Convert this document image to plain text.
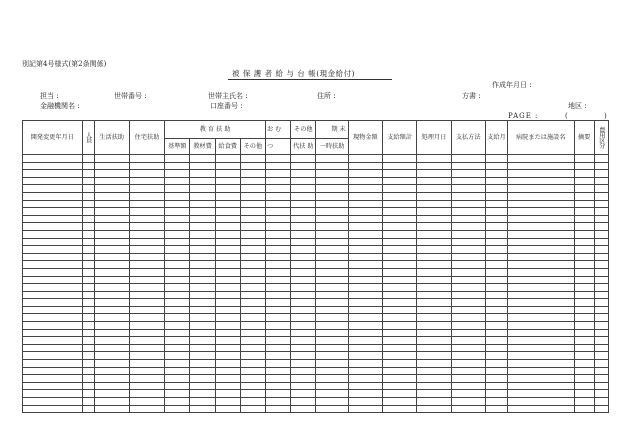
別記第4号様式(第2条関係)
被 保 護 者 給 与 台 帳(現金給付)
作成年月日 :
担当 :	世帯番号 :	世帯主氏名 :	住所 :	方書 :
金融機関名 :	口座番号 :	地区 :
PAGE :	(	)
開発変更年月日	人員	生活扶助	住宅扶助	教 育 扶 助				お む	その他	期 末	現物金額	支給額計	処理月日	支払方法	支給月	病院または施設名	摘要	費用区分
				基準額	教材費	給食費	その他	つ	代扶 助	一時扶助								
